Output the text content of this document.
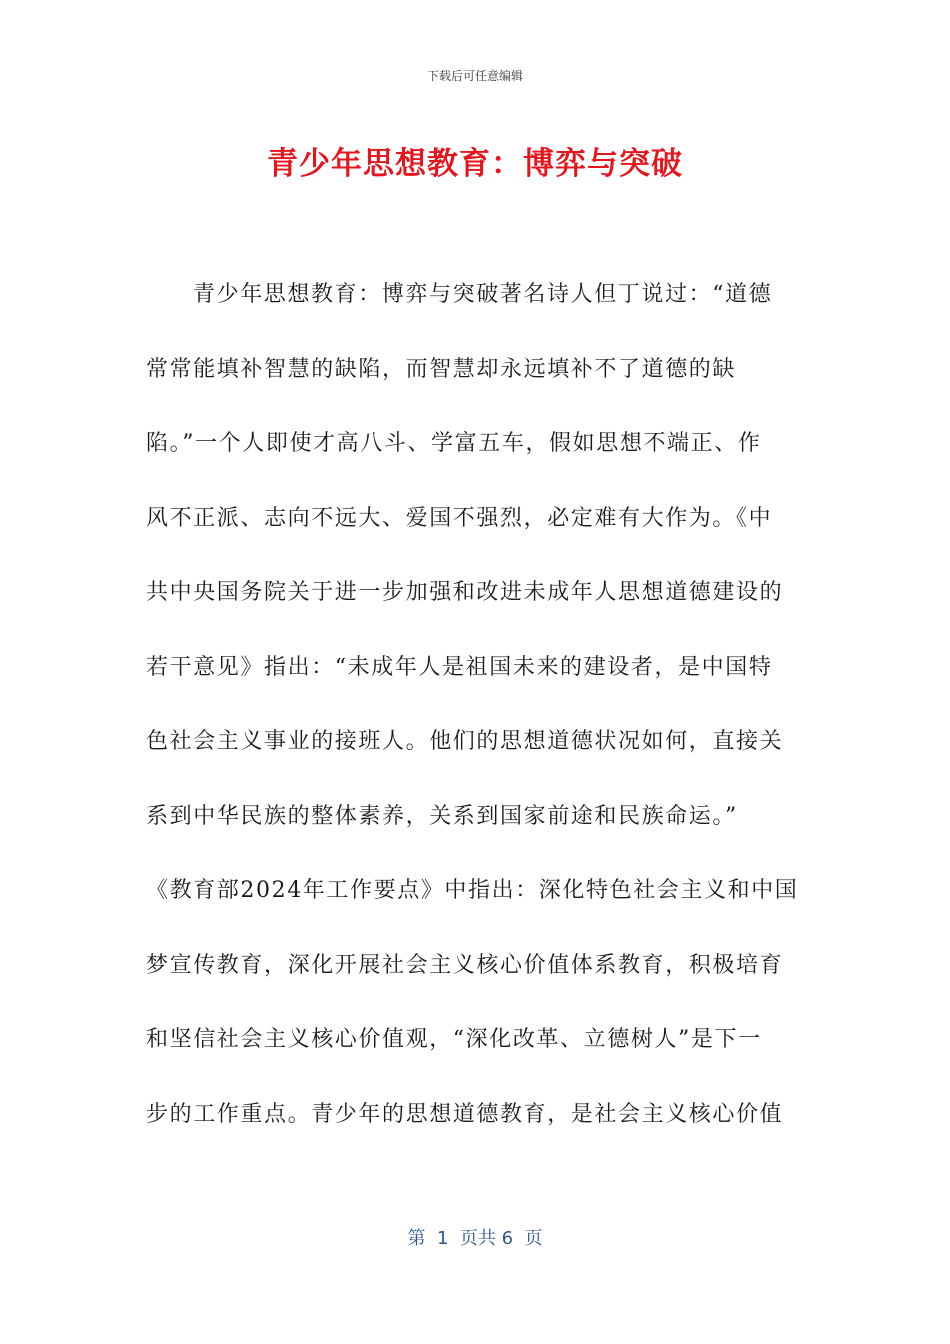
下载后可任意编辑
青少年思想教育：博弈与突破
青少年思想教育：博弈与突破著名诗人但丁说过：“道德
常常能填补智慧的缺陷，而智慧却永远填补不了道德的缺
陷。”一个人即使才高八斗、学富五车，假如思想不端正、作
风不正派、志向不远大、爱国不强烈，必定难有大作为。《中
共中央国务院关于进一步加强和改进未成年人思想道德建设的
若干意见》指出：“未成年人是祖国未来的建设者，是中国特
色社会主义事业的接班人。他们的思想道德状况如何，直接关
系到中华民族的整体素养，关系到国家前途和民族命运。”
《教育部2024年工作要点》中指出：深化特色社会主义和中国
梦宣传教育，深化开展社会主义核心价值体系教育，积极培育
和坚信社会主义核心价值观，“深化改革、立德树人”是下一
步的工作重点。青少年的思想道德教育，是社会主义核心价值
第  1  页共 6  页
